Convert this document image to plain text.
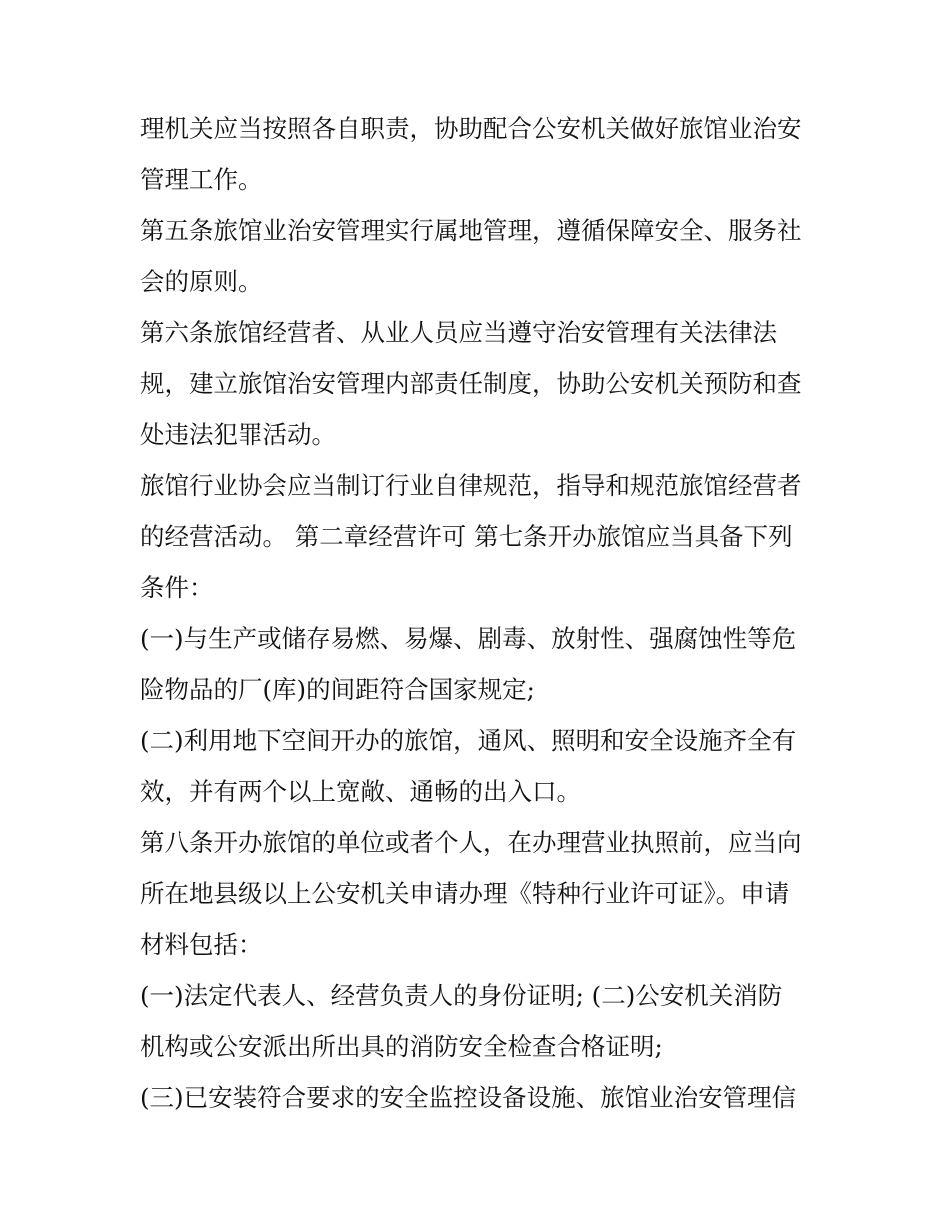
理机关应当按照各自职责，协助配合公安机关做好旅馆业治安
管理工作。
第五条旅馆业治安管理实行属地管理，遵循保障安全、服务社
会的原则。
第六条旅馆经营者、从业人员应当遵守治安管理有关法律法
规，建立旅馆治安管理内部责任制度，协助公安机关预防和查
处违法犯罪活动。
旅馆行业协会应当制订行业自律规范，指导和规范旅馆经营者
的经营活动。 第二章经营许可 第七条开办旅馆应当具备下列
条件：
(一)与生产或储存易燃、易爆、剧毒、放射性、强腐蚀性等危
险物品的厂(库)的间距符合国家规定;
(二)利用地下空间开办的旅馆，通风、照明和安全设施齐全有
效，并有两个以上宽敞、通畅的出入口。
第八条开办旅馆的单位或者个人，在办理营业执照前，应当向
所在地县级以上公安机关申请办理《特种行业许可证》。申请
材料包括：
(一)法定代表人、经营负责人的身份证明; (二)公安机关消防
机构或公安派出所出具的消防安全检查合格证明;
(三)已安装符合要求的安全监控设备设施、旅馆业治安管理信
